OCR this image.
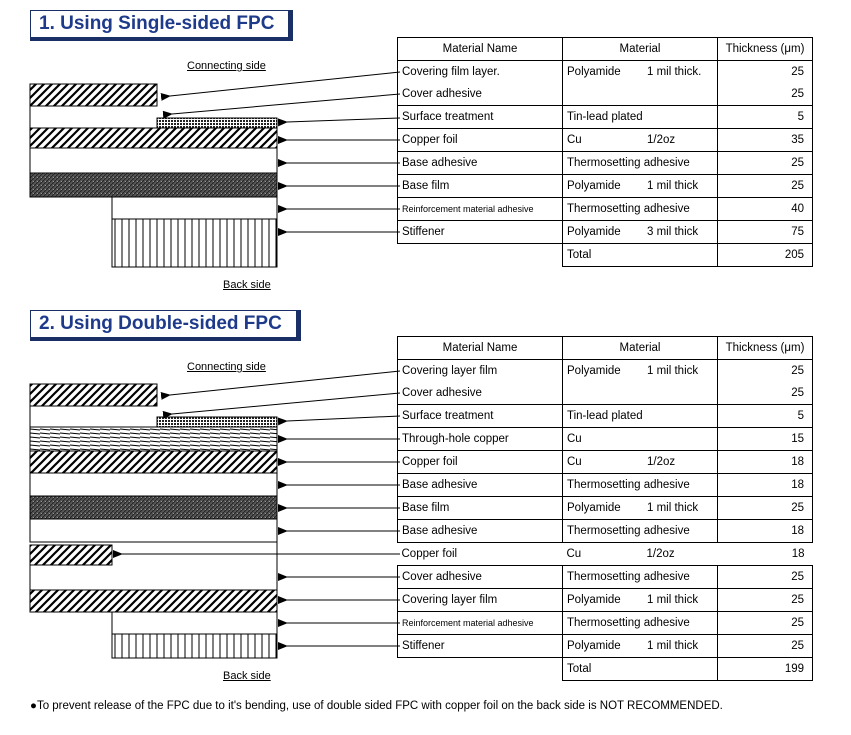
1. Using Single-sided FPC
2. Using Double-sided FPC
Connecting side
Back side
Connecting side
Back side
Material Name	Material	Thickness (μm)
Covering film layer.	Polyamide 1 mil thick.	25
Cover adhesive		25
Surface treatment	Tin-lead plated	5
Copper foil	Cu 1/2oz	35
Base adhesive	Thermosetting adhesive	25
Base film	Polyamide 1 mil thick	25
Reinforcement material adhesive	Thermosetting adhesive	40
Stiffener	Polyamide 3 mil thick	75
	Total	205
Material Name	Material	Thickness (μm)
Covering layer film	Polyamide 1 mil thick	25
Cover adhesive		25
Surface treatment	Tin-lead plated	5
Through-hole copper	Cu	15
Copper foil	Cu 1/2oz	18
Base adhesive	Thermosetting adhesive	18
Base film	Polyamide 1 mil thick	25
Base adhesive	Thermosetting adhesive	18
Copper foil	Cu 1/2oz	18
Cover adhesive	Thermosetting adhesive	25
Covering layer film	Polyamide 1 mil thick	25
Reinforcement material adhesive	Thermosetting adhesive	25
Stiffener	Polyamide 1 mil thick	25
	Total	199
●To prevent release of the FPC due to it's bending, use of double sided FPC with copper foil on the back side is NOT RECOMMENDED.
